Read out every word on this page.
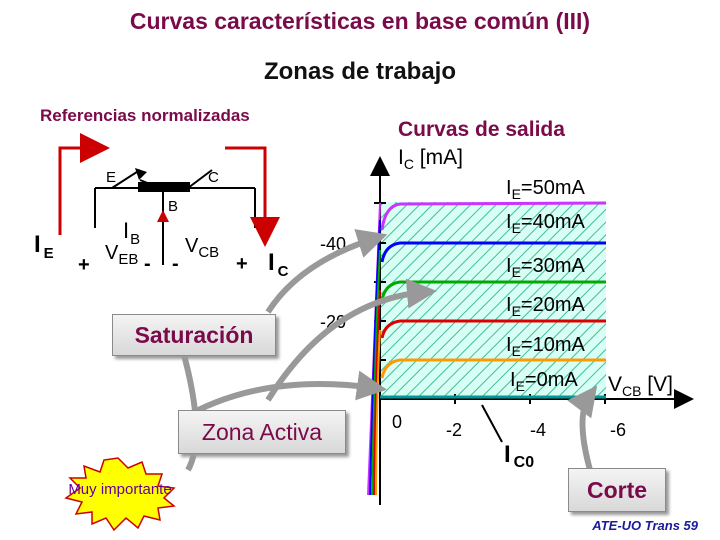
Curvas características en base común (III)
Zonas de trabajo
Referencias normalizadas
Curvas de salida
E	C
B
I $_E$
$I_B$
$V_{EB}$
+	- -
$V_{CB}$
+ I $_C$
$I_C$ [mA]
$V_{CB}$ [V]
-40
-20
0 -2	-4	-6
$I_E=50mA$
$I_E=40mA$
$I_E=30mA$
$I_E=20mA$
$I_E=10mA$
$I_E=0mA$
I $_{C0}$
Muy importante
Saturación
Zona Activa
Corte
ATE-UO Trans 59
